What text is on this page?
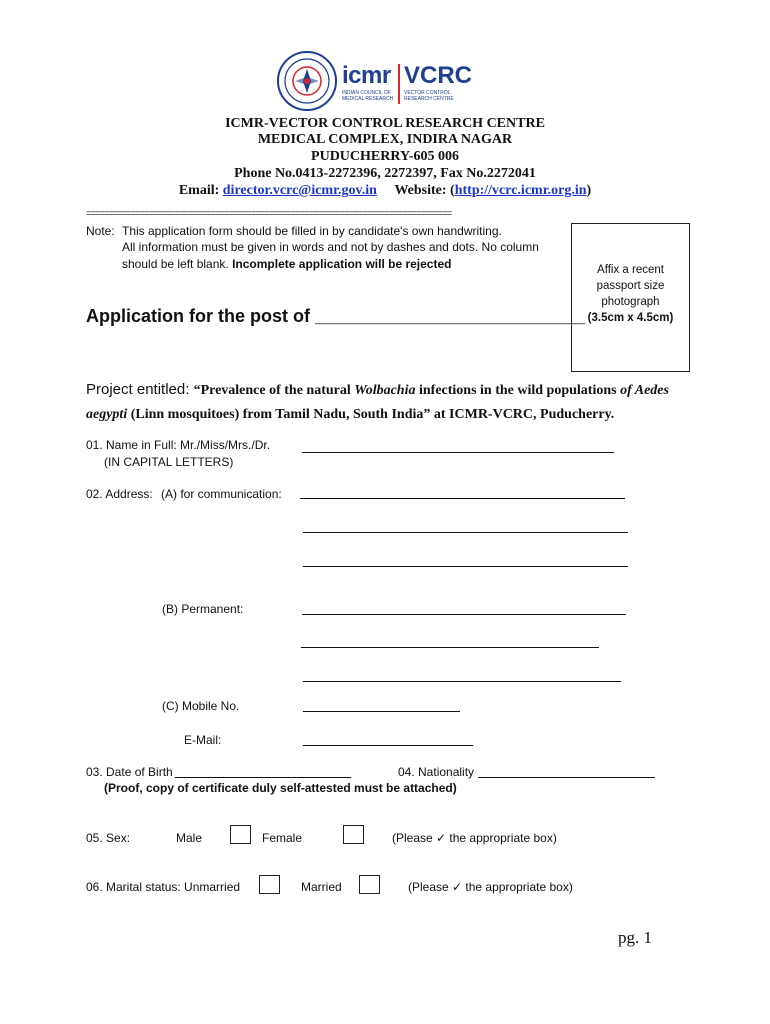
icmr
INDIAN COUNCIL OF MEDICAL RESEARCH
VCRC
VECTOR CONTROL RESEARCH CENTRE
ICMR-VECTOR CONTROL RESEARCH CENTRE
MEDICAL COMPLEX, INDIRA NAGAR
PUDUCHERRY-605 006
Phone No.0413-2272396, 2272397, Fax No.2272041
Email: director.vcrc@icmr.gov.in Website: (http://vcrc.icmr.org.in)
==================================================================================
Note: This application form should be filled in by candidate's own handwriting.
All information must be given in words and not by dashes and dots. No column
should be left blank. Incomplete application will be rejected	Affix a recent
passport size
photograph
(3.5cm x 4.5cm)
Application for the post of ___________________________
Project entitled: “Prevalence of the natural Wolbachia infections in the wild populations of Aedes aegypti (Linn mosquitoes) from Tamil Nadu, South India” at ICMR-VCRC, Puducherry.
01. Name in Full: Mr./Miss/Mrs./Dr.
(IN CAPITAL LETTERS)
02. Address: (A) for communication:
(B) Permanent:
(C) Mobile No.
E-Mail:
03. Date of Birth	04. Nationality
(Proof, copy of certificate duly self-attested must be attached)
05. Sex:	Male	Female	(Please ✓ the appropriate box)
06. Marital status: Unmarried	Married	(Please ✓ the appropriate box)
pg. 1
